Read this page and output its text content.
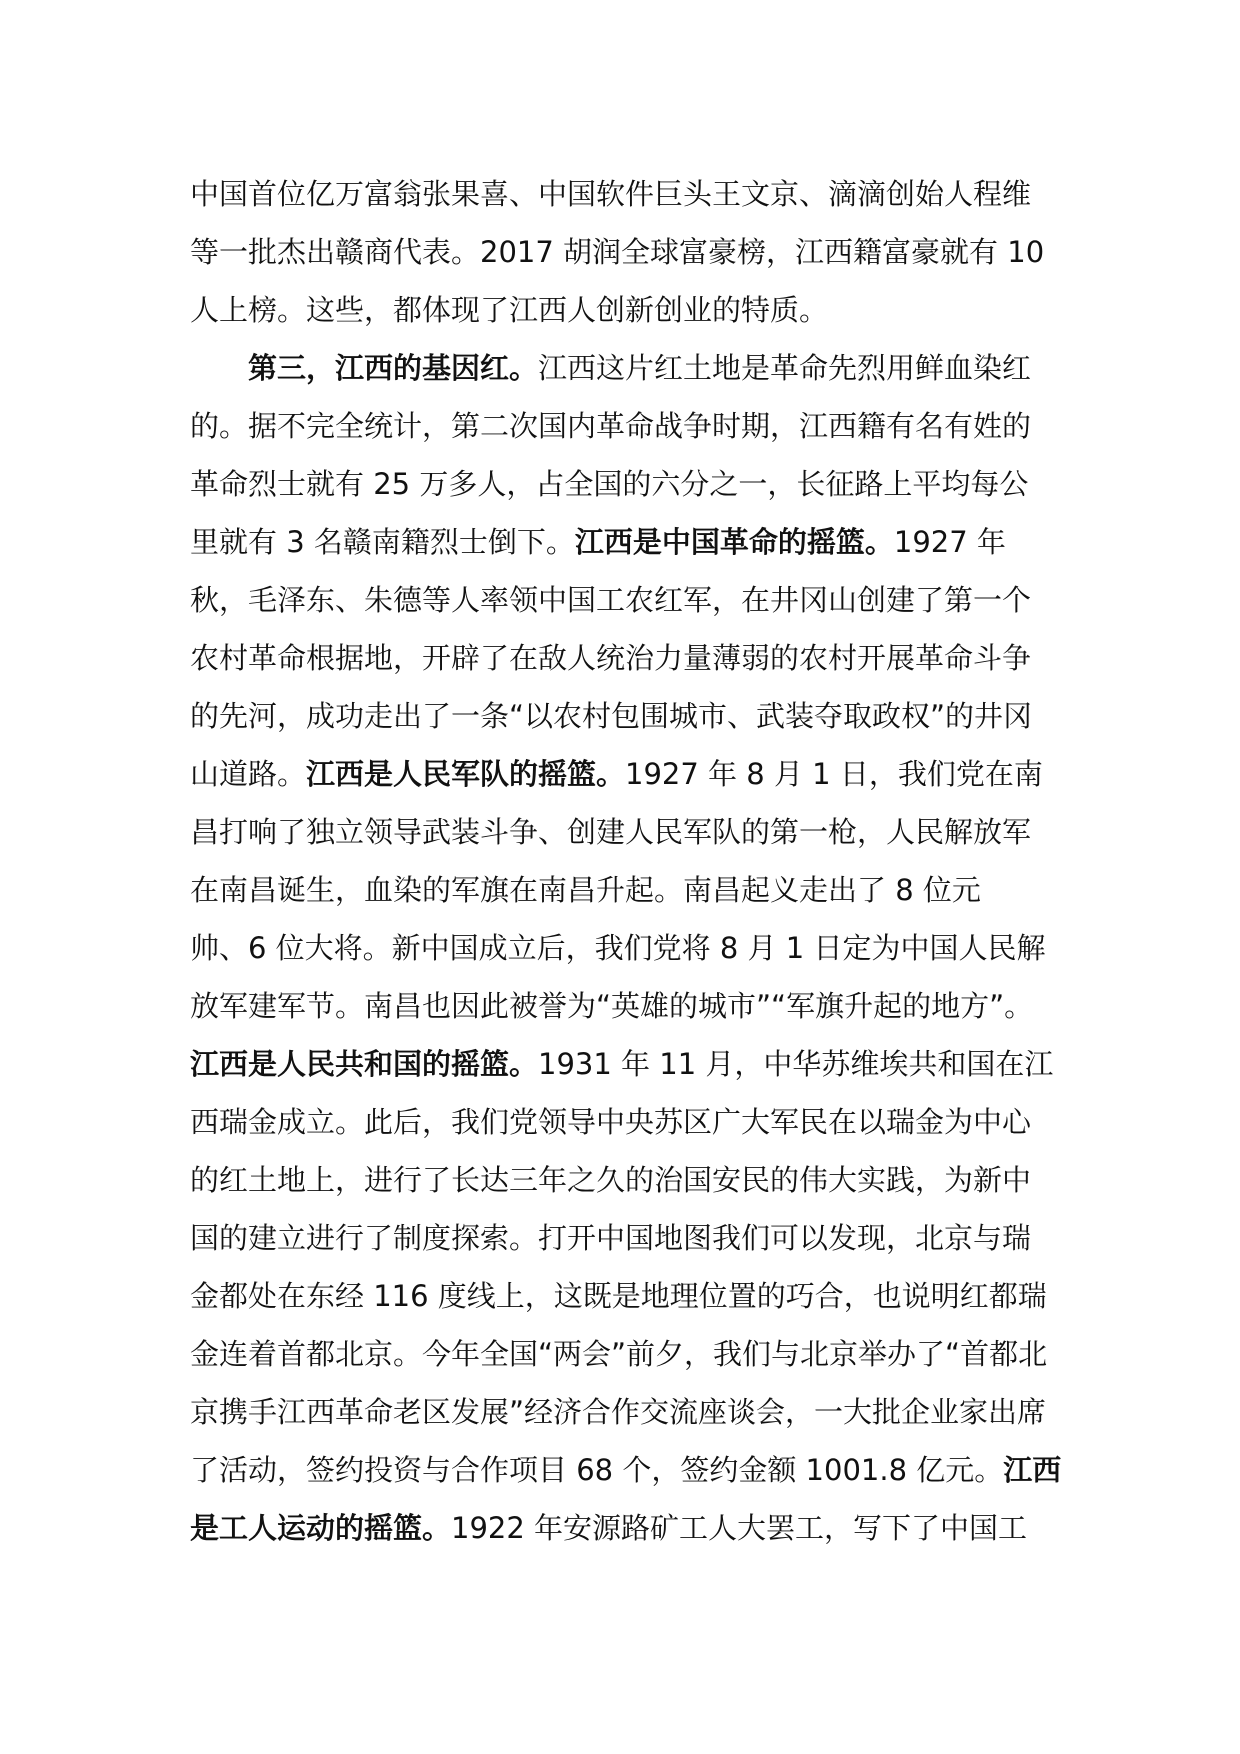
中国首位亿万富翁张果喜、中国软件巨头王文京、滴滴创始人程维
等一批杰出赣商代表。2017 胡润全球富豪榜，江西籍富豪就有 10
人上榜。这些，都体现了江西人创新创业的特质。
第三，江西的基因红。江西这片红土地是革命先烈用鲜血染红
的。据不完全统计，第二次国内革命战争时期，江西籍有名有姓的
革命烈士就有 25 万多人，占全国的六分之一，长征路上平均每公
里就有 3 名赣南籍烈士倒下。江西是中国革命的摇篮。1927 年
秋，毛泽东、朱德等人率领中国工农红军，在井冈山创建了第一个
农村革命根据地，开辟了在敌人统治力量薄弱的农村开展革命斗争
的先河，成功走出了一条“以农村包围城市、武装夺取政权”的井冈
山道路。江西是人民军队的摇篮。1927 年 8 月 1 日，我们党在南
昌打响了独立领导武装斗争、创建人民军队的第一枪，人民解放军
在南昌诞生，血染的军旗在南昌升起。南昌起义走出了 8 位元
帅、6 位大将。新中国成立后，我们党将 8 月 1 日定为中国人民解
放军建军节。南昌也因此被誉为“英雄的城市”“军旗升起的地方”。
江西是人民共和国的摇篮。1931 年 11 月，中华苏维埃共和国在江
西瑞金成立。此后，我们党领导中央苏区广大军民在以瑞金为中心
的红土地上，进行了长达三年之久的治国安民的伟大实践，为新中
国的建立进行了制度探索。打开中国地图我们可以发现，北京与瑞
金都处在东经 116 度线上，这既是地理位置的巧合，也说明红都瑞
金连着首都北京。今年全国“两会”前夕，我们与北京举办了“首都北
京携手江西革命老区发展”经济合作交流座谈会，一大批企业家出席
了活动，签约投资与合作项目 68 个，签约金额 1001.8 亿元。江西
是工人运动的摇篮。1922 年安源路矿工人大罢工，写下了中国工
